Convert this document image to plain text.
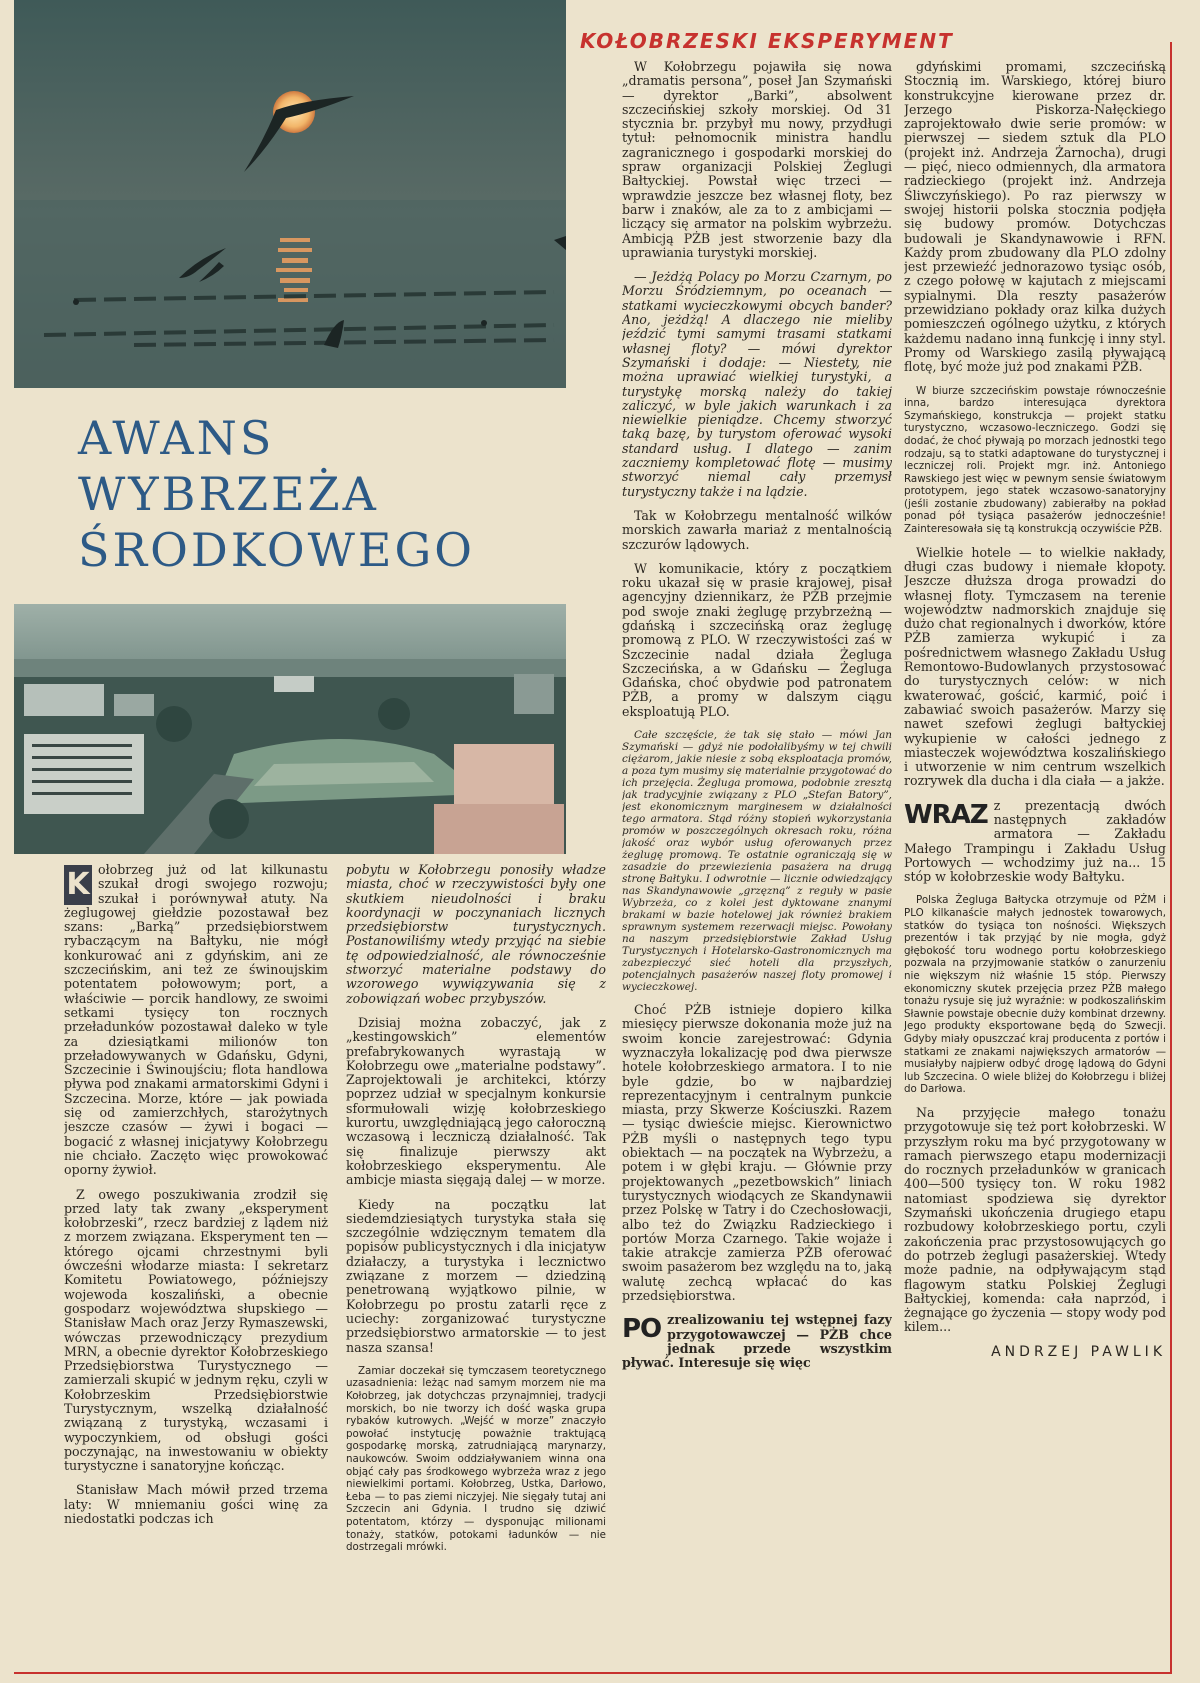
KOŁOBRZESKI EKSPERYMENT
AWANS
WYBRZEŻA
ŚRODKOWEGO

K ołobrzeg już od lat kilkunastu szukał drogi swojego rozwoju; szukał i porównywał atuty. Na żeglugowej giełdzie pozostawał bez szans: „Barką” przedsiębiorstwem rybaczącym na Bałtyku, nie mógł konkurować ani z gdyńskim, ani ze szczecińskim, ani też ze świnoujskim potentatem połowowym; port, a właściwie — porcik handlowy, ze swoimi setkami tysięcy ton rocznych przeładunków pozostawał daleko w tyle za dziesiątkami milionów ton przeładowywanych w Gdańsku, Gdyni, Szczecinie i Świnoujściu; flota handlowa pływa pod znakami armatorskimi Gdyni i Szczecina. Morze, które — jak powiada się od zamierzchłych, starożytnych jeszcze czasów — żywi i bogaci — bogacić z własnej inicjatywy Kołobrzegu nie chciało. Zaczęto więc prowokować oporny żywioł.

Z owego poszukiwania zrodził się przed laty tak zwany „eksperyment kołobrzeski”, rzecz bardziej z lądem niż z morzem związana. Eksperyment ten — którego ojcami chrzestnymi byli ówcześni włodarze miasta: I sekretarz Komitetu Powiatowego, późniejszy wojewoda koszaliński, a obecnie gospodarz województwa słupskiego — Stanisław Mach oraz Jerzy Rymaszewski, wówczas przewodniczący prezydium MRN, a obecnie dyrektor Kołobrzeskiego Przedsiębiorstwa Turystycznego — zamierzali skupić w jednym ręku, czyli w Kołobrzeskim Przedsiębiorstwie Turystycznym, wszelką działalność związaną z turystyką, wczasami i wypoczynkiem, od obsługi gości poczynając, na inwestowaniu w obiekty turystyczne i sanatoryjne kończąc.

Stanisław Mach mówił przed trzema laty: W mniemaniu gości winę za niedostatki podczas ich

pobytu w Kołobrzegu ponosiły władze miasta, choć w rzeczywistości były one skutkiem nieudolności i braku koordynacji w poczynaniach licznych przedsiębiorstw turystycznych. Postanowiliśmy wtedy przyjąć na siebie tę odpowiedzialność, ale równocześnie stworzyć materialne podstawy do wzorowego wywiązywania się z zobowiązań wobec przybyszów.

Dzisiaj można zobaczyć, jak z „kestingowskich” elementów prefabrykowanych wyrastają w Kołobrzegu owe „materialne podstawy”. Zaprojektowali je architekci, którzy poprzez udział w specjalnym konkursie sformułowali wizję kołobrzeskiego kurortu, uwzględniającą jego całoroczną wczasową i leczniczą działalność. Tak się finalizuje pierwszy akt kołobrzeskiego eksperymentu. Ale ambicje miasta sięgają dalej — w morze.

Kiedy na początku lat siedemdziesiątych turystyka stała się szczególnie wdzięcznym tematem dla popisów publicystycznych i dla inicjatyw działaczy, a turystyka i lecznictwo związane z morzem — dziedziną penetrowaną wyjątkowo pilnie, w Kołobrzegu po prostu zatarli ręce z uciechy: zorganizować turystyczne przedsiębiorstwo armatorskie — to jest nasza szansa!

Zamiar doczekał się tymczasem teoretycznego uzasadnienia: leżąc nad samym morzem nie ma Kołobrzeg, jak dotychczas przynajmniej, tradycji morskich, bo nie tworzy ich dość wąska grupa rybaków kutrowych. „Wejść w morze” znaczyło powołać instytucję poważnie traktującą gospodarkę morską, zatrudniającą marynarzy, naukowców. Swoim oddziaływaniem winna ona objąć cały pas środkowego wybrzeża wraz z jego niewielkimi portami. Kołobrzeg, Ustka, Darłowo, Łeba — to pas ziemi niczyjej. Nie sięgały tutaj ani Szczecin ani Gdynia. I trudno się dziwić potentatom, którzy — dysponując milionami tonaży, statków, potokami ładunków — nie dostrzegali mrówki.

W Kołobrzegu pojawiła się nowa „dramatis persona”, poseł Jan Szymański — dyrektor „Barki”, absolwent szczecińskiej szkoły morskiej. Od 31 stycznia br. przybył mu nowy, przydługi tytuł: pełnomocnik ministra handlu zagranicznego i gospodarki morskiej do spraw organizacji Polskiej Żeglugi Bałtyckiej. Powstał więc trzeci — wprawdzie jeszcze bez własnej floty, bez barw i znaków, ale za to z ambicjami — liczący się armator na polskim wybrzeżu. Ambicją PŻB jest stworzenie bazy dla uprawiania turystyki morskiej.

— Jeżdżą Polacy po Morzu Czarnym, po Morzu Śródziemnym, po oceanach — statkami wycieczkowymi obcych bander? Ano, jeżdżą! A dlaczego nie mieliby jeździć tymi samymi trasami statkami własnej floty? — mówi dyrektor Szymański i dodaje: — Niestety, nie można uprawiać wielkiej turystyki, a turystykę morską należy do takiej zaliczyć, w byle jakich warunkach i za niewielkie pieniądze. Chcemy stworzyć taką bazę, by turystom oferować wysoki standard usług. I dlatego — zanim zaczniemy kompletować flotę — musimy stworzyć niemal cały przemysł turystyczny także i na lądzie.

Tak w Kołobrzegu mentalność wilków morskich zawarła mariaż z mentalnością szczurów lądowych.

W komunikacie, który z początkiem roku ukazał się w prasie krajowej, pisał agencyjny dziennikarz, że PŻB przejmie pod swoje znaki żeglugę przybrzeżną — gdańską i szczecińską oraz żeglugę promową z PLO. W rzeczywistości zaś w Szczecinie nadal działa Żegluga Szczecińska, a w Gdańsku — Żegluga Gdańska, choć obydwie pod patronatem PŻB, a promy w dalszym ciągu eksploatują PLO.

Całe szczęście, że tak się stało — mówi Jan Szymański — gdyż nie podołalibyśmy w tej chwili ciężarom, jakie niesie z sobą eksploatacja promów, a poza tym musimy się materialnie przygotować do ich przejęcia. Żegluga promowa, podobnie zresztą jak tradycyjnie związany z PLO „Stefan Batory”, jest ekonomicznym marginesem w działalności tego armatora. Stąd różny stopień wykorzystania promów w poszczególnych okresach roku, różna jakość oraz wybór usług oferowanych przez żeglugę promową. Te ostatnie ograniczają się w zasadzie do przewiezienia pasażera na drugą stronę Bałtyku. I odwrotnie — licznie odwiedzający nas Skandynawowie „grzęzną” z reguły w pasie Wybrzeża, co z kolei jest dyktowane znanymi brakami w bazie hotelowej jak również brakiem sprawnym systemem rezerwacji miejsc. Powołany na naszym przedsiębiorstwie Zakład Usług Turystycznych i Hotelarsko-Gastronomicznych ma zabezpieczyć sieć hoteli dla przyszłych, potencjalnych pasażerów naszej floty promowej i wycieczkowej.

Choć PŻB istnieje dopiero kilka miesięcy pierwsze dokonania może już na swoim koncie zarejestrować: Gdynia wyznaczyła lokalizację pod dwa pierwsze hotele kołobrzeskiego armatora. I to nie byle gdzie, bo w najbardziej reprezentacyjnym i centralnym punkcie miasta, przy Skwerze Kościuszki. Razem — tysiąc dwieście miejsc. Kierownictwo PŻB myśli o następnych tego typu obiektach — na początek na Wybrzeżu, a potem i w głębi kraju. — Głównie przy projektowanych „pezetbowskich” liniach turystycznych wiodących ze Skandynawii przez Polskę w Tatry i do Czechosłowacji, albo też do Związku Radzieckiego i portów Morza Czarnego. Takie wojaże i takie atrakcje zamierza PŻB oferować swoim pasażerom bez względu na to, jaką walutę zechcą wpłacać do kas przedsiębiorstwa.

PO zrealizowaniu tej wstępnej fazy przygotowawczej — PŻB chce jednak przede wszystkim pływać. Interesuje się więc

gdyńskimi promami, szczecińską Stocznią im. Warskiego, której biuro konstrukcyjne kierowane przez dr. Jerzego Piskorza-Nałęckiego zaprojektowało dwie serie promów: w pierwszej — siedem sztuk dla PLO (projekt inż. Andrzeja Żarnocha), drugi — pięć, nieco odmiennych, dla armatora radzieckiego (projekt inż. Andrzeja Śliwczyńskiego). Po raz pierwszy w swojej historii polska stocznia podjęła się budowy promów. Dotychczas budowali je Skandynawowie i RFN. Każdy prom zbudowany dla PLO zdolny jest przewieźć jednorazowo tysiąc osób, z czego połowę w kajutach z miejscami sypialnymi. Dla reszty pasażerów przewidziano pokłady oraz kilka dużych pomieszczeń ogólnego użytku, z których każdemu nadano inną funkcję i inny styl. Promy od Warskiego zasilą pływającą flotę, być może już pod znakami PŻB.

W biurze szczecińskim powstaje równocześnie inna, bardzo interesująca dyrektora Szymańskiego, konstrukcja — projekt statku turystyczno, wczasowo-leczniczego. Godzi się dodać, że choć pływają po morzach jednostki tego rodzaju, są to statki adaptowane do turystycznej i leczniczej roli. Projekt mgr. inż. Antoniego Rawskiego jest więc w pewnym sensie światowym prototypem, jego statek wczasowo-sanatoryjny (jeśli zostanie zbudowany) zabierałby na pokład ponad pół tysiąca pasażerów jednocześnie! Zainteresowała się tą konstrukcją oczywiście PŻB.

Wielkie hotele — to wielkie nakłady, długi czas budowy i niemałe kłopoty. Jeszcze dłuższa droga prowadzi do własnej floty. Tymczasem na terenie województw nadmorskich znajduje się dużo chat regionalnych i dworków, które PŻB zamierza wykupić i za pośrednictwem własnego Zakładu Usług Remontowo-Budowlanych przystosować do turystycznych celów: w nich kwaterować, gościć, karmić, poić i zabawiać swoich pasażerów. Marzy się nawet szefowi żeglugi bałtyckiej wykupienie w całości jednego z miasteczek województwa koszalińskiego i utworzenie w nim centrum wszelkich rozrywek dla ducha i dla ciała — a jakże.

WRAZ z prezentacją dwóch następnych zakładów armatora — Zakładu Małego Trampingu i Zakładu Usług Portowych — wchodzimy już na... 15 stóp w kołobrzeskie wody Bałtyku.

Polska Żegluga Bałtycka otrzymuje od PŻM i PLO kilkanaście małych jednostek towarowych, statków do tysiąca ton nośności. Większych prezentów i tak przyjąć by nie mogła, gdyż głębokość toru wodnego portu kołobrzeskiego pozwala na przyjmowanie statków o zanurzeniu nie większym niż właśnie 15 stóp. Pierwszy ekonomiczny skutek przejęcia przez PŻB małego tonażu rysuje się już wyraźnie: w podkoszalińskim Sławnie powstaje obecnie duży kombinat drzewny. Jego produkty eksportowane będą do Szwecji. Gdyby miały opuszczać kraj producenta z portów i statkami ze znakami największych armatorów — musiałyby najpierw odbyć drogę lądową do Gdyni lub Szczecina. O wiele bliżej do Kołobrzegu i bliżej do Darłowa.

Na przyjęcie małego tonażu przygotowuje się też port kołobrzeski. W przyszłym roku ma być przygotowany w ramach pierwszego etapu modernizacji do rocznych przeładunków w granicach 400—500 tysięcy ton. W roku 1982 natomiast spodziewa się dyrektor Szymański ukończenia drugiego etapu rozbudowy kołobrzeskiego portu, czyli zakończenia prac przystosowujących go do potrzeb żeglugi pasażerskiej. Wtedy może padnie, na odpływającym stąd flagowym statku Polskiej Żeglugi Bałtyckiej, komenda: cała naprzód, i żegnające go życzenia — stopy wody pod kilem...

ANDRZEJ PAWLIK
